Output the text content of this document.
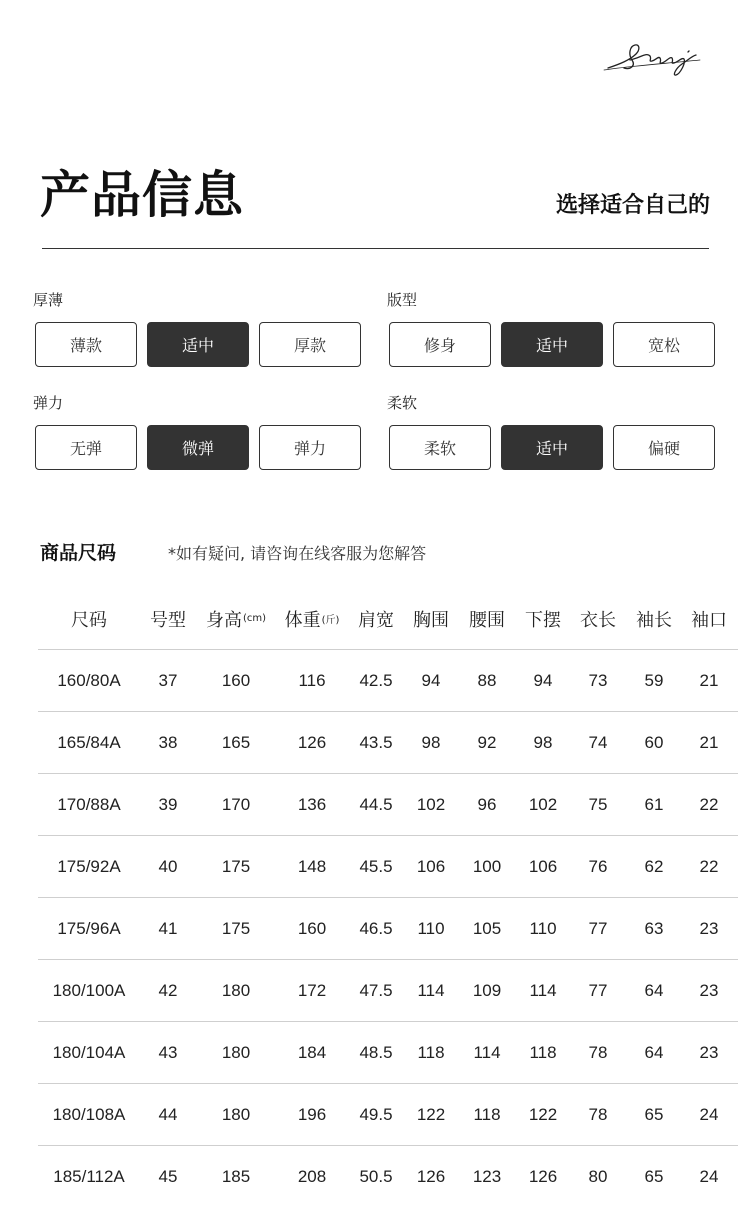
产品信息	选择适合自己的
厚薄
薄款	适中	厚款
版型
修身	适中	宽松
弹力
无弹	微弹	弹力
柔软
柔软	适中	偏硬
商品尺码	*如有疑问, 请咨询在线客服为您解答
尺码 号型 身高 (cm) 体重 (斤) 肩宽 胸围 腰围 下摆 衣长 袖长 袖口
160/80A	37	160	116	42.5	94	88	94	73	59	21
165/84A	38	165	126	43.5	98	92	98	74	60	21
170/88A	39	170	136	44.5	102	96	102	75	61	22
175/92A	40	175	148	45.5	106	100	106	76	62	22
175/96A	41	175	160	46.5	110	105	110	77	63	23
180/100A	42	180	172	47.5	114	109	114	77	64	23
180/104A	43	180	184	48.5	118	114	118	78	64	23
180/108A	44	180	196	49.5	122	118	122	78	65	24
185/112A	45	185	208	50.5	126	123	126	80	65	24
